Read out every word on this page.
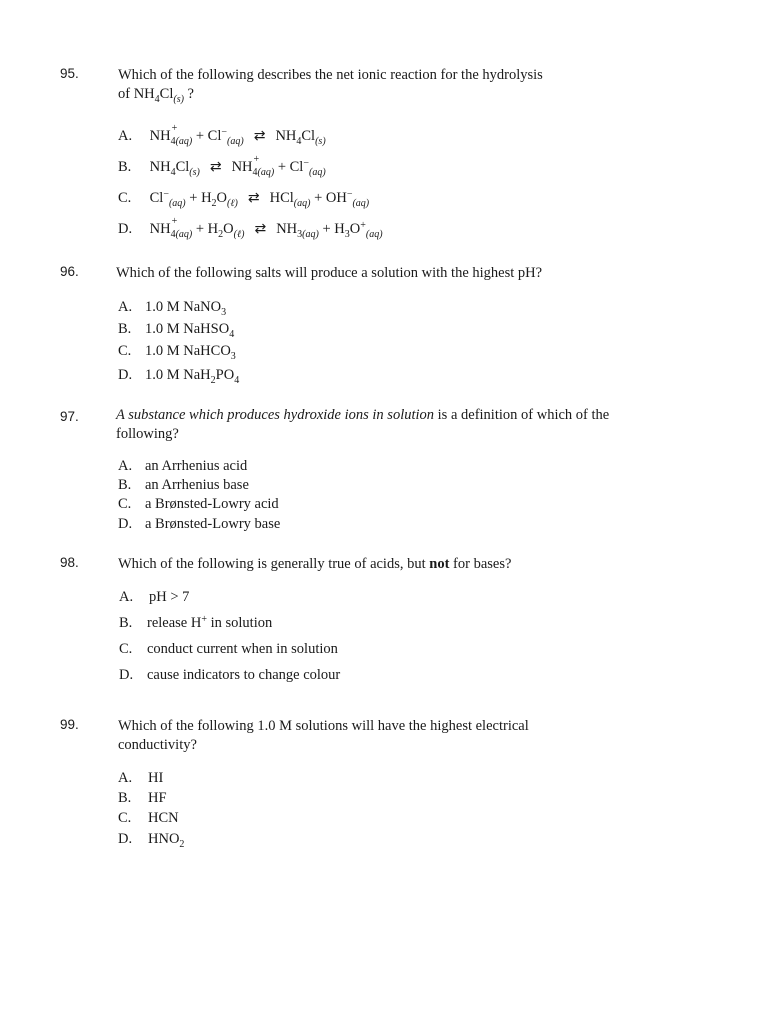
95.	Which of the following describes the net ionic reaction for the hydrolysis
of $NH_4Cl_{(s)}$ ?
A. NH +
$_{4(aq)} + Cl^-_{(aq)}$ ⇄ $NH_4Cl_{(s)}$
B. $NH_4Cl_{(s)}$ ⇄ NH +
$_{4(aq)} + Cl^-_{(aq)}$
C. $Cl^-_{(aq)} + H_2O_{(\ell)}$ ⇄ $HCl_{(aq)} + OH^-_{(aq)}$
D. NH +
$_{4(aq)} + H_2O_{(\ell)}$ ⇄ $NH_{3(aq)} + H_3O^+_{(aq)}$
96.	Which of the following salts will produce a solution with the highest pH?
A. 1.0 M NaNO$_3$
B. 1.0 M NaHSO$_4$
C. 1.0 M NaHCO$_3$
D. 1.0 M $NaH_2PO_4$
97.	A substance which produces hydroxide ions in solution is a definition of which of the following?
A. an Arrhenius acid
B. an Arrhenius base
C. a Brønsted-Lowry acid
D. a Brønsted-Lowry base
98.	Which of the following is generally true of acids, but not for bases?
A. pH > 7
B. release H+ in solution
C. conduct current when in solution
D. cause indicators to change colour
99.	Which of the following 1.0 M solutions will have the highest electrical conductivity?
A. HI
B. HF
C. HCN
D. $HNO_2$
